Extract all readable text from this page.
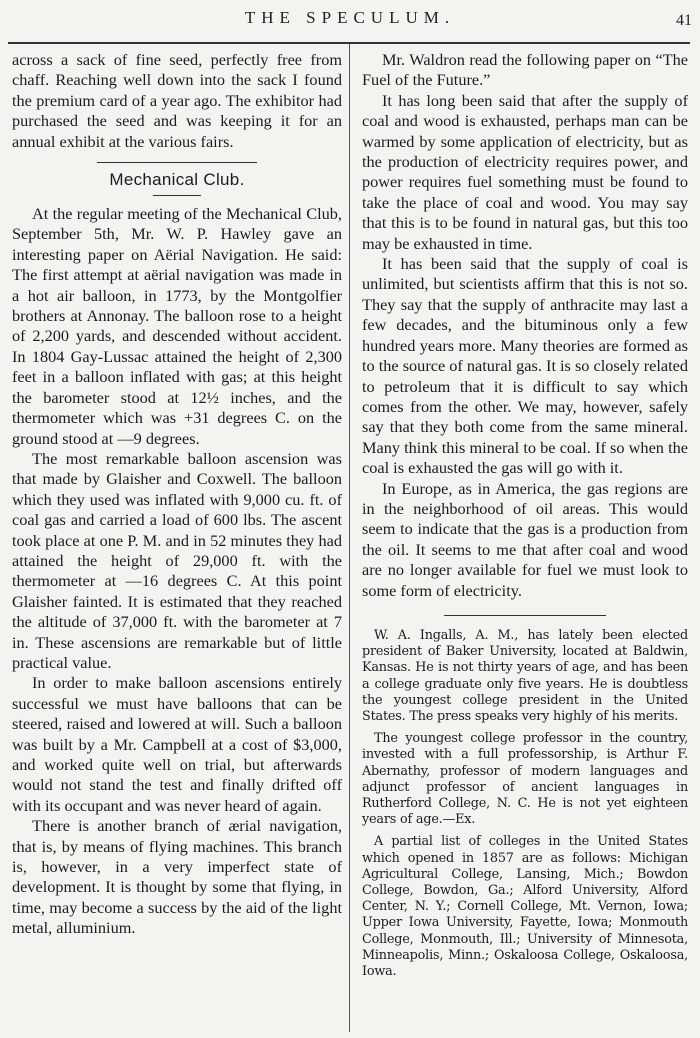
THE SPECULUM.	41

across a sack of fine seed, perfectly free from chaff. Reaching well down into the sack I found the premium card of a year ago. The exhibitor had purchased the seed and was keeping it for an annual exhibit at the various fairs.

Mechanical Club.

At the regular meeting of the Mechanical Club, September 5th, Mr. W. P. Hawley gave an interesting paper on Aërial Navigation. He said: The first attempt at aërial navigation was made in a hot air balloon, in 1773, by the Montgolfier brothers at Annonay. The balloon rose to a height of 2,200 yards, and descended without accident. In 1804 Gay-Lussac attained the height of 2,300 feet in a balloon inflated with gas; at this height the barometer stood at 12½ inches, and the thermometer which was +31 degrees C. on the ground stood at —9 degrees.

The most remarkable balloon ascension was that made by Glaisher and Coxwell. The balloon which they used was inflated with 9,000 cu. ft. of coal gas and carried a load of 600 lbs. The ascent took place at one P. M. and in 52 minutes they had attained the height of 29,000 ft. with the thermometer at —16 degrees C. At this point Glaisher fainted. It is estimated that they reached the altitude of 37,000 ft. with the barometer at 7 in. These ascensions are remarkable but of little practical value.

In order to make balloon ascensions entirely successful we must have balloons that can be steered, raised and lowered at will. Such a balloon was built by a Mr. Campbell at a cost of $3,000, and worked quite well on trial, but afterwards would not stand the test and finally drifted off with its occupant and was never heard of again.

There is another branch of ærial navigation, that is, by means of flying machines. This branch is, however, in a very imperfect state of development. It is thought by some that flying, in time, may become a success by the aid of the light metal, alluminium.

Mr. Waldron read the following paper on “The Fuel of the Future.”

It has long been said that after the supply of coal and wood is exhausted, perhaps man can be warmed by some application of electricity, but as the production of electricity requires power, and power requires fuel something must be found to take the place of coal and wood. You may say that this is to be found in natural gas, but this too may be exhausted in time.

It has been said that the supply of coal is unlimited, but scientists affirm that this is not so. They say that the supply of anthracite may last a few decades, and the bituminous only a few hundred years more. Many theories are formed as to the source of natural gas. It is so closely related to petroleum that it is difficult to say which comes from the other. We may, however, safely say that they both come from the same mineral. Many think this mineral to be coal. If so when the coal is exhausted the gas will go with it.

In Europe, as in America, the gas regions are in the neighborhood of oil areas. This would seem to indicate that the gas is a production from the oil. It seems to me that after coal and wood are no longer available for fuel we must look to some form of electricity.

W. A. Ingalls, A. M., has lately been elected president of Baker University, located at Baldwin, Kansas. He is not thirty years of age, and has been a college graduate only five years. He is doubtless the youngest college president in the United States. The press speaks very highly of his merits.

The youngest college professor in the country, invested with a full professorship, is Arthur F. Abernathy, professor of modern languages and adjunct professor of ancient languages in Rutherford College, N. C. He is not yet eighteen years of age.—Ex.

A partial list of colleges in the United States which opened in 1857 are as follows: Michigan Agricultural College, Lansing, Mich.; Bowdon College, Bowdon, Ga.; Alford University, Alford Center, N. Y.; Cornell College, Mt. Vernon, Iowa; Upper Iowa University, Fayette, Iowa; Monmouth College, Monmouth, Ill.; University of Minnesota, Minneapolis, Minn.; Oskaloosa College, Oskaloosa, Iowa.
